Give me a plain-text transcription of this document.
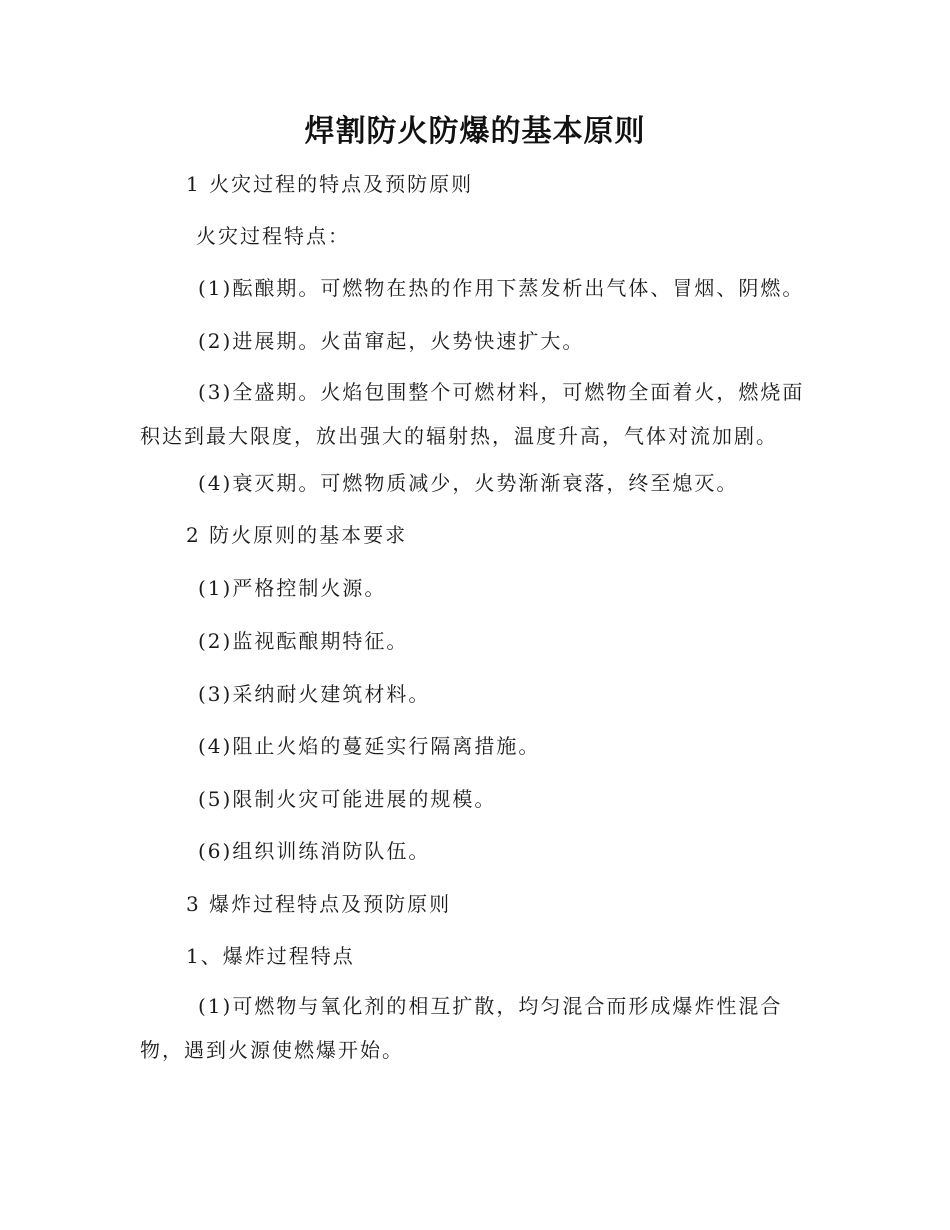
焊割防火防爆的基本原则

1 火灾过程的特点及预防原则

火灾过程特点：

(1)酝酿期。可燃物在热的作用下蒸发析出气体、冒烟、阴燃。

(2)进展期。火苗窜起，火势快速扩大。

(3)全盛期。火焰包围整个可燃材料，可燃物全面着火，燃烧面
积达到最大限度，放出强大的辐射热，温度升高，气体对流加剧。

(4)衰灭期。可燃物质减少，火势渐渐衰落，终至熄灭。

2 防火原则的基本要求

(1)严格控制火源。

(2)监视酝酿期特征。

(3)采纳耐火建筑材料。

(4)阻止火焰的蔓延实行隔离措施。

(5)限制火灾可能进展的规模。

(6)组织训练消防队伍。

3 爆炸过程特点及预防原则

1、爆炸过程特点

(1)可燃物与氧化剂的相互扩散，均匀混合而形成爆炸性混合
物，遇到火源使燃爆开始。
